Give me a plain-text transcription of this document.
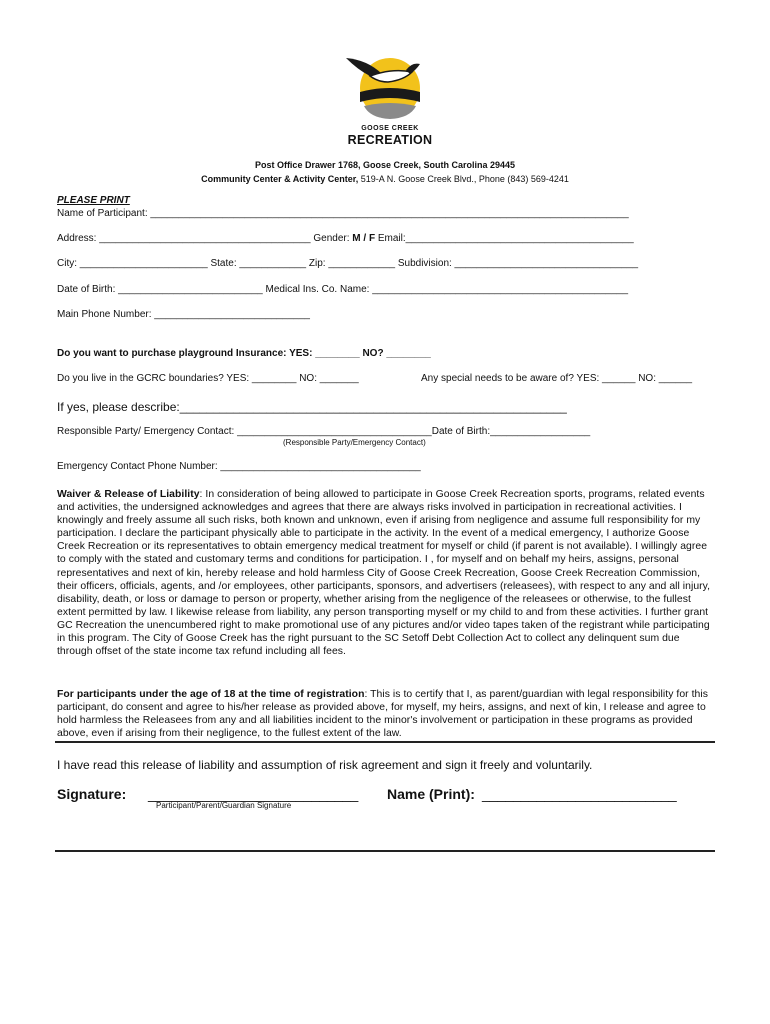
GOOSE CREEK
RECREATION
Post Office Drawer 1768, Goose Creek, South Carolina 29445
Community Center & Activity Center, 519-A N. Goose Creek Blvd., Phone (843) 569-4241
PLEASE PRINT
Name of Participant: ______________________________________________________________________________________
Address: ______________________________________ Gender: M / F Email:_________________________________________
City: _______________________ State: ____________ Zip: ____________ Subdivision: _________________________________
Date of Birth: __________________________ Medical Ins. Co. Name: ______________________________________________
Main Phone Number: ____________________________
Do you want to purchase playground Insurance: YES: ________ NO? ________
Do you live in the GCRC boundaries? YES: ________ NO: _______	Any special needs to be aware of? YES: ______ NO: ______
If yes, please describe:__________________________________________________________
Responsible Party/ Emergency Contact: ___________________________________Date of Birth:__________________
(Responsible Party/Emergency Contact)
Emergency Contact Phone Number: ____________________________________
Waiver & Release of Liability: In consideration of being allowed to participate in Goose Creek Recreation sports, programs, related events and activities, the undersigned acknowledges and agrees that there are always risks involved in participation in recreational activities. I knowingly and freely assume all such risks, both known and unknown, even if arising from negligence and assume full responsibility for my participation. I declare the participant physically able to participate in the activity. In the event of a medical emergency, I authorize Goose Creek Recreation or its representatives to obtain emergency medical treatment for myself or child (if parent is not available). I willingly agree to comply with the stated and customary terms and conditions for participation. I , for myself and on behalf my heirs, assigns, personal representatives and next of kin, hereby release and hold harmless City of Goose Creek Recreation, Goose Creek Recreation Commission, their officers, officials, agents, and /or employees, other participants, sponsors, and advertisers (releasees), with respect to any and all injury, disability, death, or loss or damage to person or property, whether arising from the negligence of the releasees or otherwise, to the fullest extent permitted by law. I likewise release from liability, any person transporting myself or my child to and from these activities. I further grant GC Recreation the unencumbered right to make promotional use of any pictures and/or video tapes taken of the registrant while participating in this program. The City of Goose Creek has the right pursuant to the SC Setoff Debt Collection Act to collect any delinquent sum due through offset of the state income tax refund including all fees.
For participants under the age of 18 at the time of registration: This is to certify that I, as parent/guardian with legal responsibility for this participant, do consent and agree to his/her release as provided above, for myself, my heirs, assigns, and next of kin, I release and agree to hold harmless the Releasees from any and all liabilities incident to the minor's involvement or participation in these programs as provided above, even if arising from their negligence, to the fullest extent of the law.
I have read this release of liability and assumption of risk agreement and sign it freely and voluntarily.
Signature: ___________________________
Participant/Parent/Guardian Signature
Name (Print): _________________________
